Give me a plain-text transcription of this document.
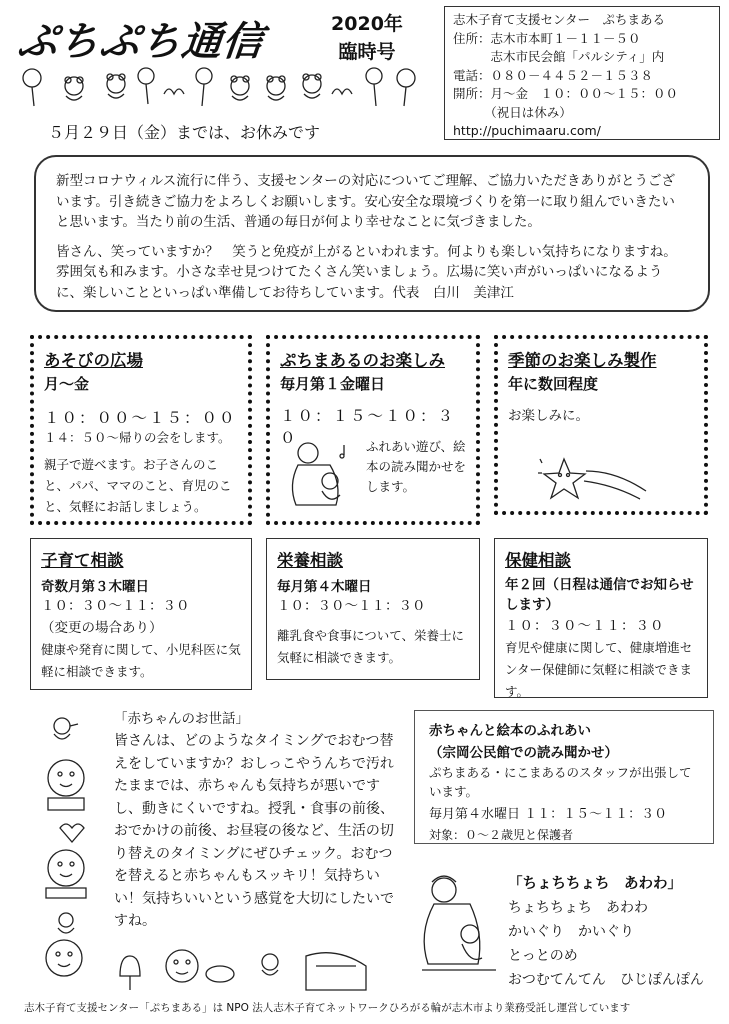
ぷちぷち通信	2020年
臨時号
志木子育て支援センター　ぷちまある
住所：志木市本町１－１１－５０
　　　志木市民会館「パルシティ」内
電話：０８０－４４５２－１５３８
開所：月～金　１０：００～１５：００
　　　（祝日は休み）
http://puchimaaru.com/
５月２９日（金）までは、お休みです

新型コロナウィルス流行に伴う、支援センターの対応についてご理解、ご協力いただきありがとうございます。引き続きご協力をよろしくお願いします。安心安全な環境づくりを第一に取り組んでいきたいと思います。当たり前の生活、普通の毎日が何より幸せなことに気づきました。

皆さん、笑っていますか？　笑うと免疫が上がるといわれます。何よりも楽しい気持ちになりますね。雰囲気も和みます。小さな幸せ見つけてたくさん笑いましょう。広場に笑い声がいっぱいになるように、楽しいことといっぱい準備してお待ちしています。代表　白川　美津江

あそびの広場
月～金
１０：００～１５：００
１４：５０～帰りの会をします。
親子で遊べます。お子さんのこと、パパ、ママのこと、育児のこと、気軽にお話しましょう。
ぷちまあるのお楽しみ
毎月第１金曜日
１０：１５～１０：３０	ふれあい遊び、絵本の読み聞かせをします。
季節のお楽しみ製作
年に数回程度
お楽しみに。
子育て相談
奇数月第３木曜日
１０：３０～１１：３０
（変更の場合あり）
健康や発育に関して、小児科医に気軽に相談できます。
栄養相談
毎月第４木曜日
１０：３０～１１：３０
離乳食や食事について、栄養士に気軽に相談できます。
保健相談
年２回（日程は通信でお知らせします）
１０：３０～１１：３０
育児や健康に関して、健康増進センター保健師に気軽に相談できます。
「赤ちゃんのお世話」
皆さんは、どのようなタイミングでおむつ替えをしていますか？おしっこやうんちで汚れたままでは、赤ちゃんも気持ちが悪いですし、動きにくいですね。授乳・食事の前後、おでかけの前後、お昼寝の後など、生活の切り替えのタイミングにぜひチェック。おむつを替えると赤ちゃんもスッキリ！気持ちいい！気持ちいいという感覚を大切にしたいですね。
赤ちゃんと絵本のふれあい
（宗岡公民館での読み聞かせ）
ぷちまある・にこまあるのスタッフが出張しています。
毎月第４水曜日 １１：１５～１１：３０
対象：０～２歳児と保護者
「ちょちちょち　あわわ」
ちょちちょち　あわわ
かいぐり　かいぐり
とっとのめ
おつむてんてん　ひじぽんぽん
志木子育て支援センター「ぷちまある」は NPO 法人志木子育てネットワークひろがる輪が志木市より業務受託し運営しています
